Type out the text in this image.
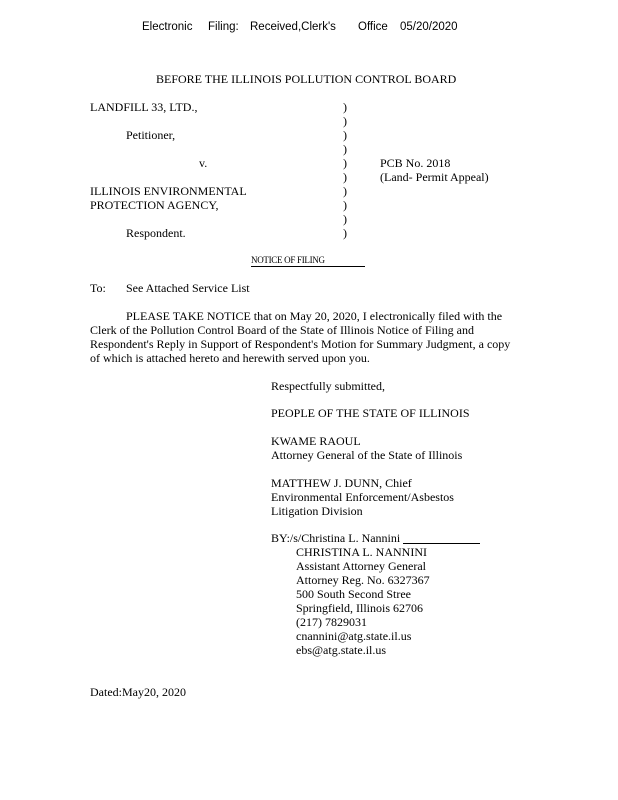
Electronic Filing: Received,Clerk's Office 05/20/2020
BEFORE THE ILLINOIS POLLUTION CONTROL BOARD
LANDFILL 33, LTD.,
Petitioner,
v.
ILLINOIS ENVIRONMENTAL
PROTECTION AGENCY,
Respondent.
)
)
)
)
)
)
)
)
)
)
PCB No. 2018
(Land- Permit Appeal)
NOTICE OF FILING
To: See Attached Service List
PLEASE TAKE NOTICE that on May 20, 2020, I electronically filed with the
Clerk of the Pollution Control Board of the State of Illinois Notice of Filing and
Respondent's Reply in Support of Respondent's Motion for Summary Judgment, a copy
of which is attached hereto and herewith served upon you.
Respectfully submitted,
PEOPLE OF THE STATE OF ILLINOIS
KWAME RAOUL
Attorney General of the State of Illinois
MATTHEW J. DUNN, Chief
Environmental Enforcement/Asbestos
Litigation Division
BY:/s/Christina L. Nannini
CHRISTINA L. NANNINI
Assistant Attorney General
Attorney Reg. No. 6327367
500 South Second Stree
Springfield, Illinois 62706
(217) 7829031
cnannini@atg.state.il.us
ebs@atg.state.il.us
Dated:May20, 2020
